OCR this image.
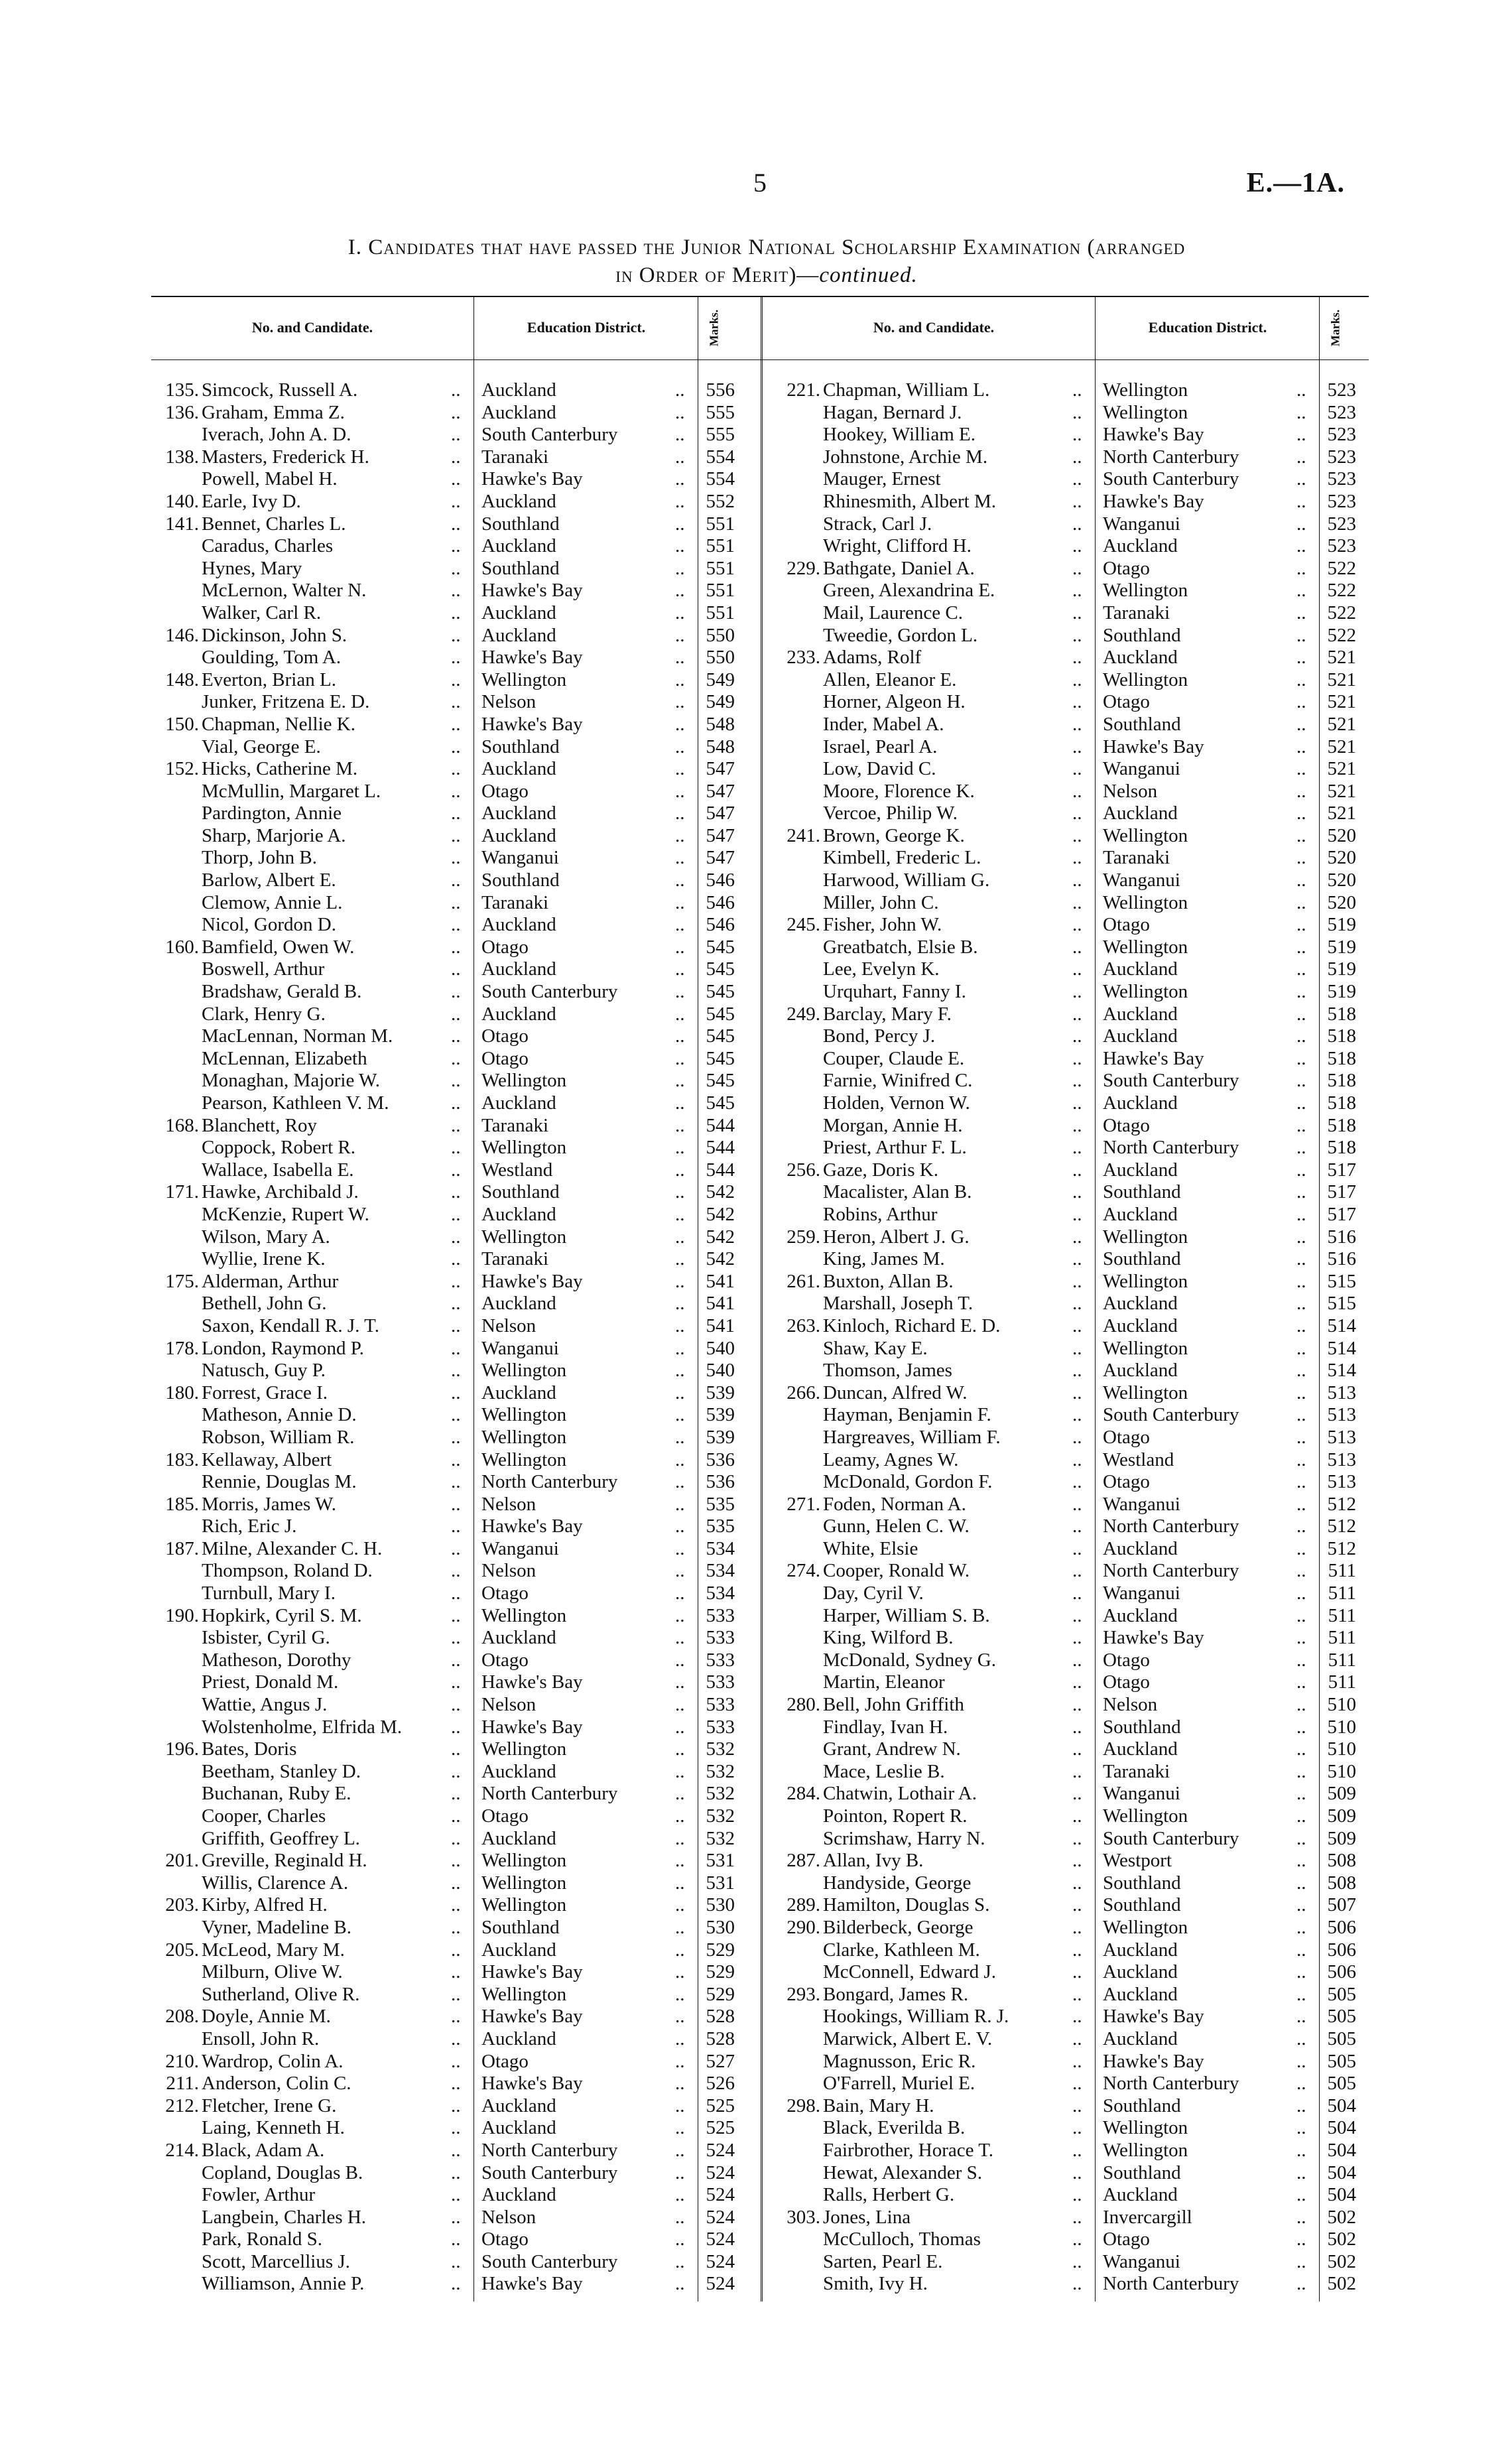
5	E.—1A.
I. Candidates that have passed the Junior National Scholarship Examination (arranged
in Order of Merit)—continued.
No. and Candidate.	Education District.	Marks.
135. Simcock, Russell A.	..	Auckland	..	556
136. Graham, Emma Z.	..	Auckland	..	555
Iverach, John A. D.	..	South Canterbury	..	555
138. Masters, Frederick H.	..	Taranaki	..	554
Powell, Mabel H.	..	Hawke's Bay	..	554
140. Earle, Ivy D.	..	Auckland	..	552
141. Bennet, Charles L.	..	Southland	..	551
Caradus, Charles	..	Auckland	..	551
Hynes, Mary	..	Southland	..	551
McLernon, Walter N.	..	Hawke's Bay	..	551
Walker, Carl R.	..	Auckland	..	551
146. Dickinson, John S.	..	Auckland	..	550
Goulding, Tom A.	..	Hawke's Bay	..	550
148. Everton, Brian L.	..	Wellington	..	549
Junker, Fritzena E. D.	..	Nelson	..	549
150. Chapman, Nellie K.	..	Hawke's Bay	..	548
Vial, George E.	..	Southland	..	548
152. Hicks, Catherine M.	..	Auckland	..	547
McMullin, Margaret L.	..	Otago	..	547
Pardington, Annie	..	Auckland	..	547
Sharp, Marjorie A.	..	Auckland	..	547
Thorp, John B.	..	Wanganui	..	547
Barlow, Albert E.	..	Southland	..	546
Clemow, Annie L.	..	Taranaki	..	546
Nicol, Gordon D.	..	Auckland	..	546
160. Bamfield, Owen W.	..	Otago	..	545
Boswell, Arthur	..	Auckland	..	545
Bradshaw, Gerald B.	..	South Canterbury	..	545
Clark, Henry G.	..	Auckland	..	545
MacLennan, Norman M.	..	Otago	..	545
McLennan, Elizabeth	..	Otago	..	545
Monaghan, Majorie W.	..	Wellington	..	545
Pearson, Kathleen V. M.	..	Auckland	..	545
168. Blanchett, Roy	..	Taranaki	..	544
Coppock, Robert R.	..	Wellington	..	544
Wallace, Isabella E.	..	Westland	..	544
171. Hawke, Archibald J.	..	Southland	..	542
McKenzie, Rupert W.	..	Auckland	..	542
Wilson, Mary A.	..	Wellington	..	542
Wyllie, Irene K.	..	Taranaki	..	542
175. Alderman, Arthur	..	Hawke's Bay	..	541
Bethell, John G.	..	Auckland	..	541
Saxon, Kendall R. J. T.	..	Nelson	..	541
178. London, Raymond P.	..	Wanganui	..	540
Natusch, Guy P.	..	Wellington	..	540
180. Forrest, Grace I.	..	Auckland	..	539
Matheson, Annie D.	..	Wellington	..	539
Robson, William R.	..	Wellington	..	539
183. Kellaway, Albert	..	Wellington	..	536
Rennie, Douglas M.	..	North Canterbury	..	536
185. Morris, James W.	..	Nelson	..	535
Rich, Eric J.	..	Hawke's Bay	..	535
187. Milne, Alexander C. H.	..	Wanganui	..	534
Thompson, Roland D.	..	Nelson	..	534
Turnbull, Mary I.	..	Otago	..	534
190. Hopkirk, Cyril S. M.	..	Wellington	..	533
Isbister, Cyril G.	..	Auckland	..	533
Matheson, Dorothy	..	Otago	..	533
Priest, Donald M.	..	Hawke's Bay	..	533
Wattie, Angus J.	..	Nelson	..	533
Wolstenholme, Elfrida M.	..	Hawke's Bay	..	533
196. Bates, Doris	..	Wellington	..	532
Beetham, Stanley D.	..	Auckland	..	532
Buchanan, Ruby E.	..	North Canterbury	..	532
Cooper, Charles	..	Otago	..	532
Griffith, Geoffrey L.	..	Auckland	..	532
201. Greville, Reginald H.	..	Wellington	..	531
Willis, Clarence A.	..	Wellington	..	531
203. Kirby, Alfred H.	..	Wellington	..	530
Vyner, Madeline B.	..	Southland	..	530
205. McLeod, Mary M.	..	Auckland	..	529
Milburn, Olive W.	..	Hawke's Bay	..	529
Sutherland, Olive R.	..	Wellington	..	529
208. Doyle, Annie M.	..	Hawke's Bay	..	528
Ensoll, John R.	..	Auckland	..	528
210. Wardrop, Colin A.	..	Otago	..	527
211. Anderson, Colin C.	..	Hawke's Bay	..	526
212. Fletcher, Irene G.	..	Auckland	..	525
Laing, Kenneth H.	..	Auckland	..	525
214. Black, Adam A.	..	North Canterbury	..	524
Copland, Douglas B.	..	South Canterbury	..	524
Fowler, Arthur	..	Auckland	..	524
Langbein, Charles H.	..	Nelson	..	524
Park, Ronald S.	..	Otago	..	524
Scott, Marcellius J.	..	South Canterbury	..	524
Williamson, Annie P.	..	Hawke's Bay	..	524
No. and Candidate.	Education District.	Marks.
221. Chapman, William L.	..	Wellington	..	523
Hagan, Bernard J.	..	Wellington	..	523
Hookey, William E.	..	Hawke's Bay	..	523
Johnstone, Archie M.	..	North Canterbury	..	523
Mauger, Ernest	..	South Canterbury	..	523
Rhinesmith, Albert M.	..	Hawke's Bay	..	523
Strack, Carl J.	..	Wanganui	..	523
Wright, Clifford H.	..	Auckland	..	523
229. Bathgate, Daniel A.	..	Otago	..	522
Green, Alexandrina E.	..	Wellington	..	522
Mail, Laurence C.	..	Taranaki	..	522
Tweedie, Gordon L.	..	Southland	..	522
233. Adams, Rolf	..	Auckland	..	521
Allen, Eleanor E.	..	Wellington	..	521
Horner, Algeon H.	..	Otago	..	521
Inder, Mabel A.	..	Southland	..	521
Israel, Pearl A.	..	Hawke's Bay	..	521
Low, David C.	..	Wanganui	..	521
Moore, Florence K.	..	Nelson	..	521
Vercoe, Philip W.	..	Auckland	..	521
241. Brown, George K.	..	Wellington	..	520
Kimbell, Frederic L.	..	Taranaki	..	520
Harwood, William G.	..	Wanganui	..	520
Miller, John C.	..	Wellington	..	520
245. Fisher, John W.	..	Otago	..	519
Greatbatch, Elsie B.	..	Wellington	..	519
Lee, Evelyn K.	..	Auckland	..	519
Urquhart, Fanny I.	..	Wellington	..	519
249. Barclay, Mary F.	..	Auckland	..	518
Bond, Percy J.	..	Auckland	..	518
Couper, Claude E.	..	Hawke's Bay	..	518
Farnie, Winifred C.	..	South Canterbury	..	518
Holden, Vernon W.	..	Auckland	..	518
Morgan, Annie H.	..	Otago	..	518
Priest, Arthur F. L.	..	North Canterbury	..	518
256. Gaze, Doris K.	..	Auckland	..	517
Macalister, Alan B.	..	Southland	..	517
Robins, Arthur	..	Auckland	..	517
259. Heron, Albert J. G.	..	Wellington	..	516
King, James M.	..	Southland	..	516
261. Buxton, Allan B.	..	Wellington	..	515
Marshall, Joseph T.	..	Auckland	..	515
263. Kinloch, Richard E. D.	..	Auckland	..	514
Shaw, Kay E.	..	Wellington	..	514
Thomson, James	..	Auckland	..	514
266. Duncan, Alfred W.	..	Wellington	..	513
Hayman, Benjamin F.	..	South Canterbury	..	513
Hargreaves, William F.	..	Otago	..	513
Leamy, Agnes W.	..	Westland	..	513
McDonald, Gordon F.	..	Otago	..	513
271. Foden, Norman A.	..	Wanganui	..	512
Gunn, Helen C. W.	..	North Canterbury	..	512
White, Elsie	..	Auckland	..	512
274. Cooper, Ronald W.	..	North Canterbury	..	511
Day, Cyril V.	..	Wanganui	..	511
Harper, William S. B.	..	Auckland	..	511
King, Wilford B.	..	Hawke's Bay	..	511
McDonald, Sydney G.	..	Otago	..	511
Martin, Eleanor	..	Otago	..	511
280. Bell, John Griffith	..	Nelson	..	510
Findlay, Ivan H.	..	Southland	..	510
Grant, Andrew N.	..	Auckland	..	510
Mace, Leslie B.	..	Taranaki	..	510
284. Chatwin, Lothair A.	..	Wanganui	..	509
Pointon, Ropert R.	..	Wellington	..	509
Scrimshaw, Harry N.	..	South Canterbury	..	509
287. Allan, Ivy B.	..	Westport	..	508
Handyside, George	..	Southland	..	508
289. Hamilton, Douglas S.	..	Southland	..	507
290. Bilderbeck, George	..	Wellington	..	506
Clarke, Kathleen M.	..	Auckland	..	506
McConnell, Edward J.	..	Auckland	..	506
293. Bongard, James R.	..	Auckland	..	505
Hookings, William R. J.	..	Hawke's Bay	..	505
Marwick, Albert E. V.	..	Auckland	..	505
Magnusson, Eric R.	..	Hawke's Bay	..	505
O'Farrell, Muriel E.	..	North Canterbury	..	505
298. Bain, Mary H.	..	Southland	..	504
Black, Everilda B.	..	Wellington	..	504
Fairbrother, Horace T.	..	Wellington	..	504
Hewat, Alexander S.	..	Southland	..	504
Ralls, Herbert G.	..	Auckland	..	504
303. Jones, Lina	..	Invercargill	..	502
McCulloch, Thomas	..	Otago	..	502
Sarten, Pearl E.	..	Wanganui	..	502
Smith, Ivy H.	..	North Canterbury	..	502
